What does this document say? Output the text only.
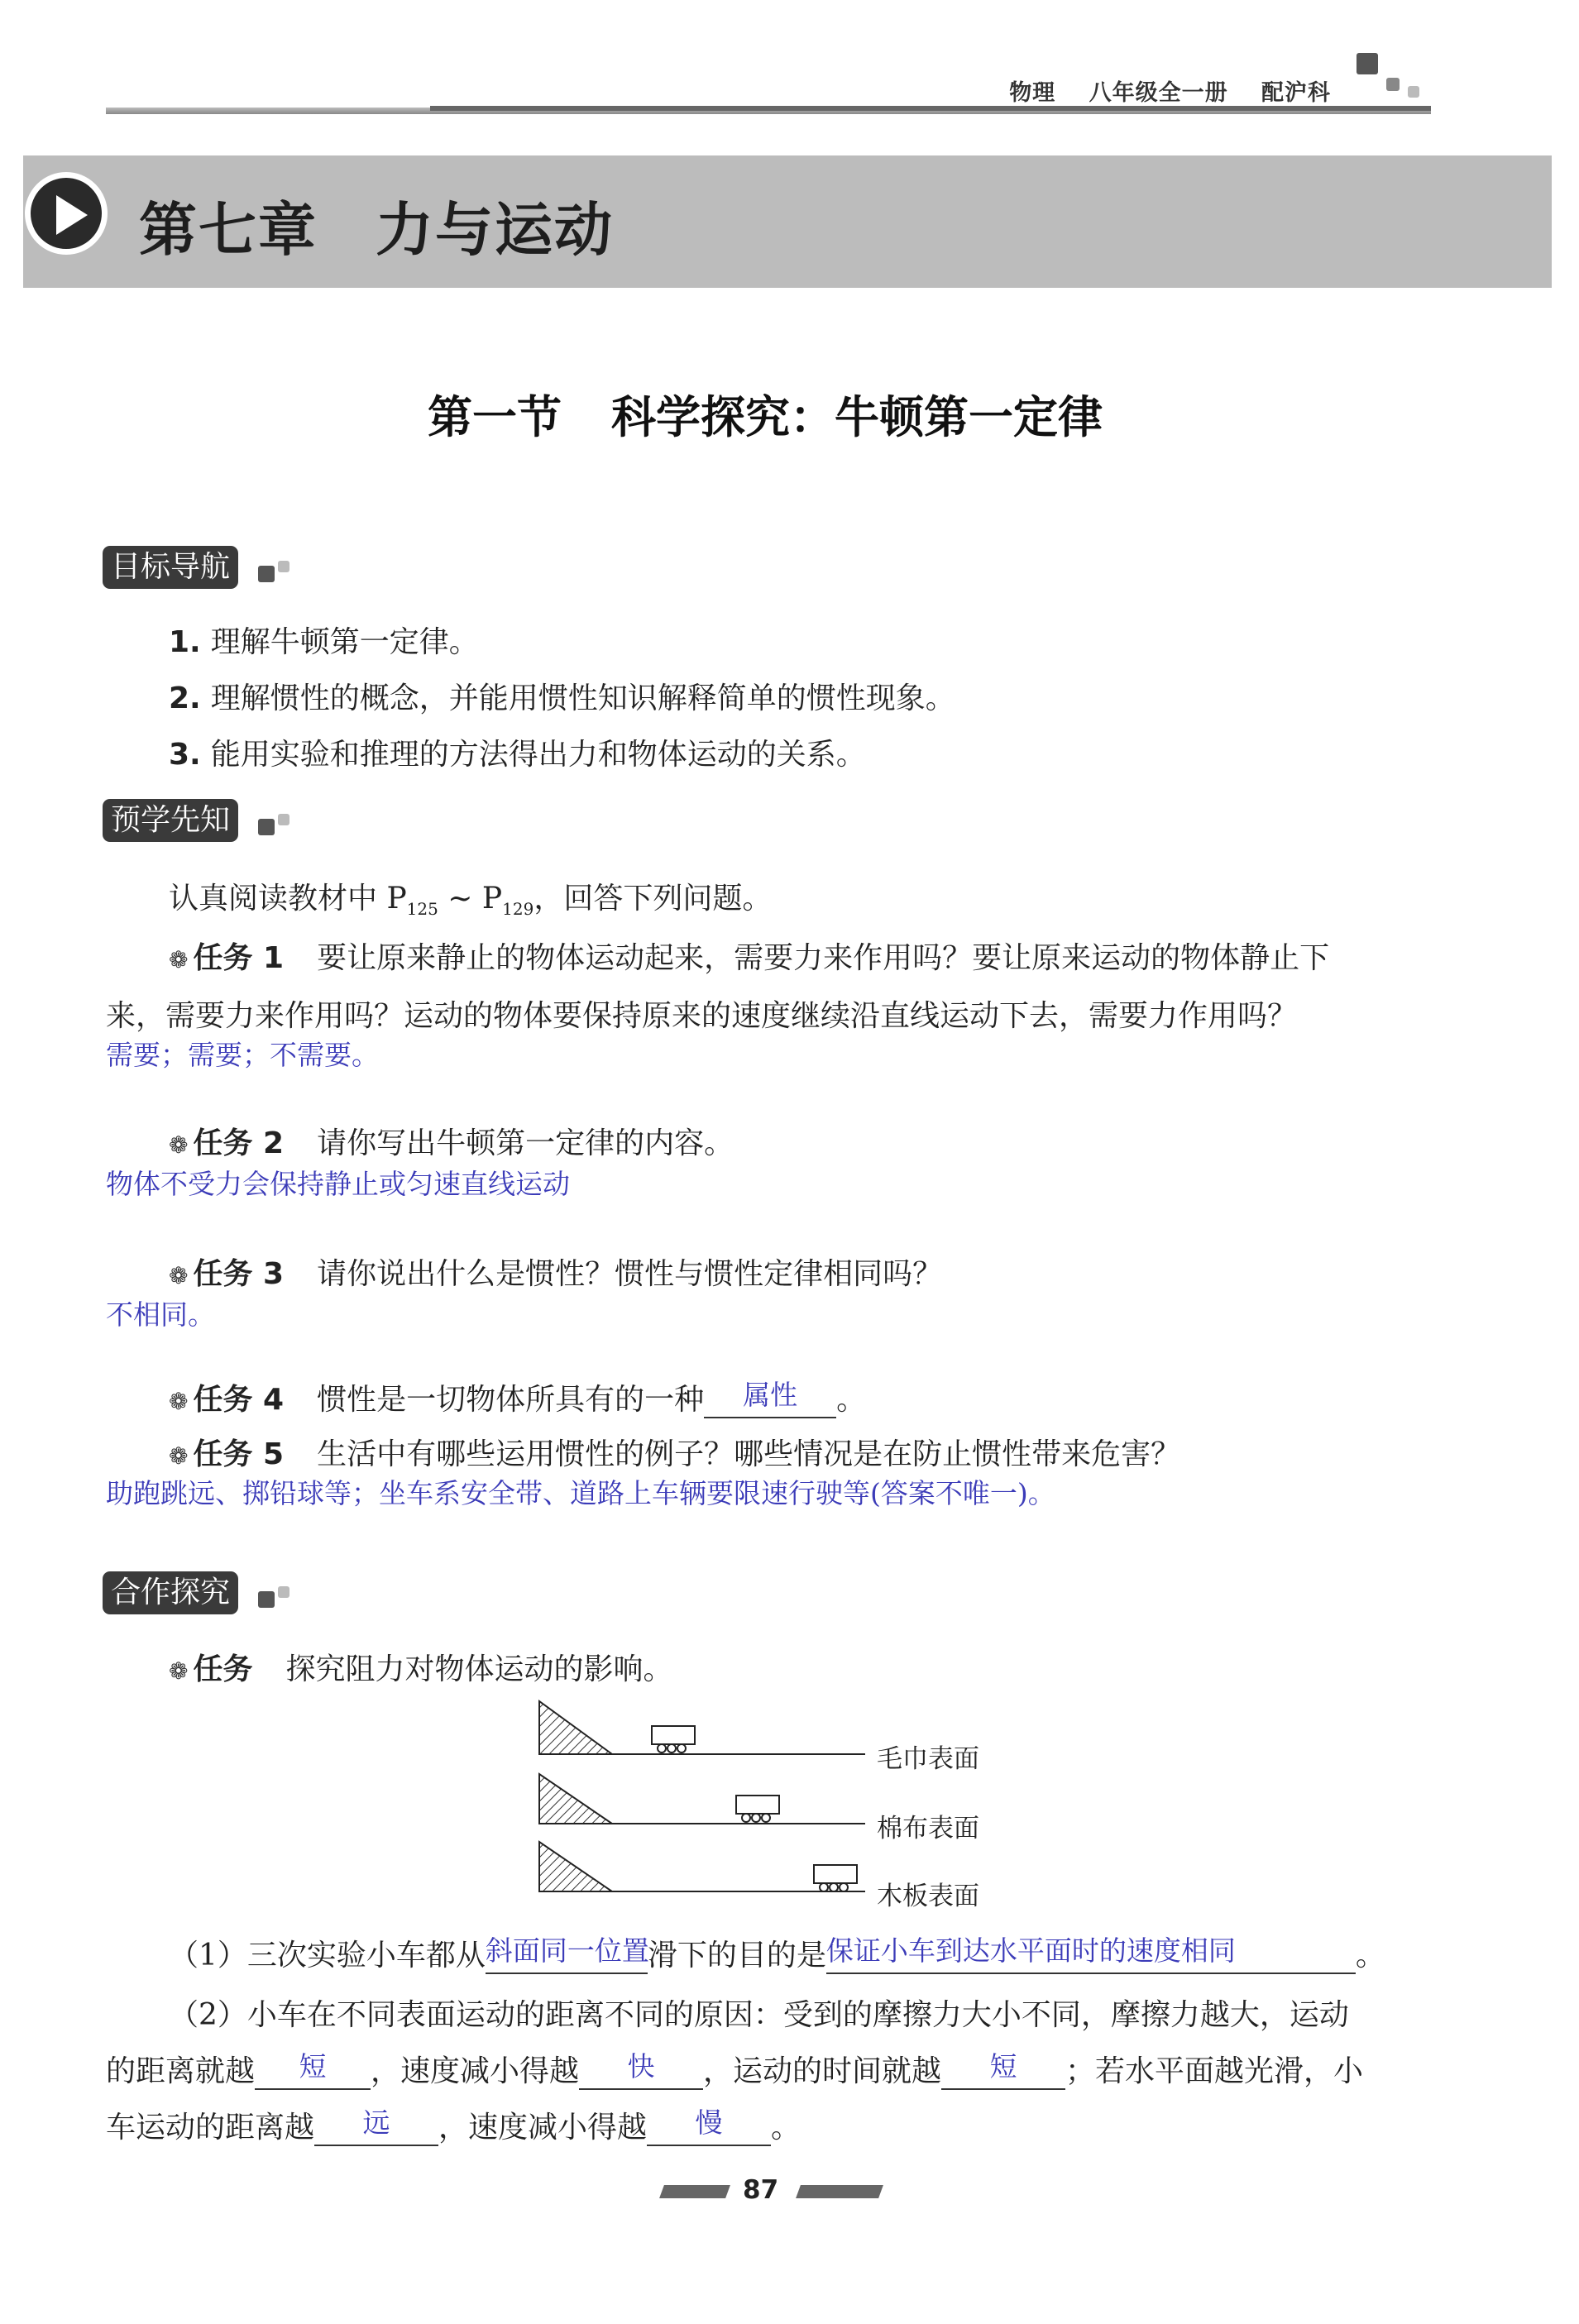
物理 八年级全一册 配沪科
第七章 力与运动
第一节 科学探究：牛顿第一定律
目标导航
1. 理解牛顿第一定律。
2. 理解惯性的概念，并能用惯性知识解释简单的惯性现象。
3. 能用实验和推理的方法得出力和物体运动的关系。
预学先知
认真阅读教材中 $P_{125}$ ~ $P_{129}$，回答下列问题。
❁ 任务 1 要让原来静止的物体运动起来，需要力来作用吗？要让原来运动的物体静止下
来，需要力来作用吗？运动的物体要保持原来的速度继续沿直线运动下去，需要力作用吗？
需要；需要；不需要。
❁ 任务 2 请你写出牛顿第一定律的内容。
物体不受力会保持静止或匀速直线运动
❁ 任务 3 请你说出什么是惯性？惯性与惯性定律相同吗？
不相同。
❁ 任务 4 惯性是一切物体所具有的一种 属性 。
❁ 任务 5 生活中有哪些运用惯性的例子？哪些情况是在防止惯性带来危害？
助跑跳远、掷铅球等；坐车系安全带、道路上车辆要限速行驶等(答案不唯一)。
合作探究
❁ 任务 探究阻力对物体运动的影响。
毛巾表面
棉布表面
木板表面
（1）三次实验小车都从斜面同一位置滑下的目的是保证小车到达水平面时的速度相同	。
（2）小车在不同表面运动的距离不同的原因：受到的摩擦力大小不同，摩擦力越大，运动
的距离就越 短 ，速度减小得越 快 ，运动的时间就越 短 ；若水平面越光滑，小
车运动的距离越 远 ，速度减小得越 慢 。
87
